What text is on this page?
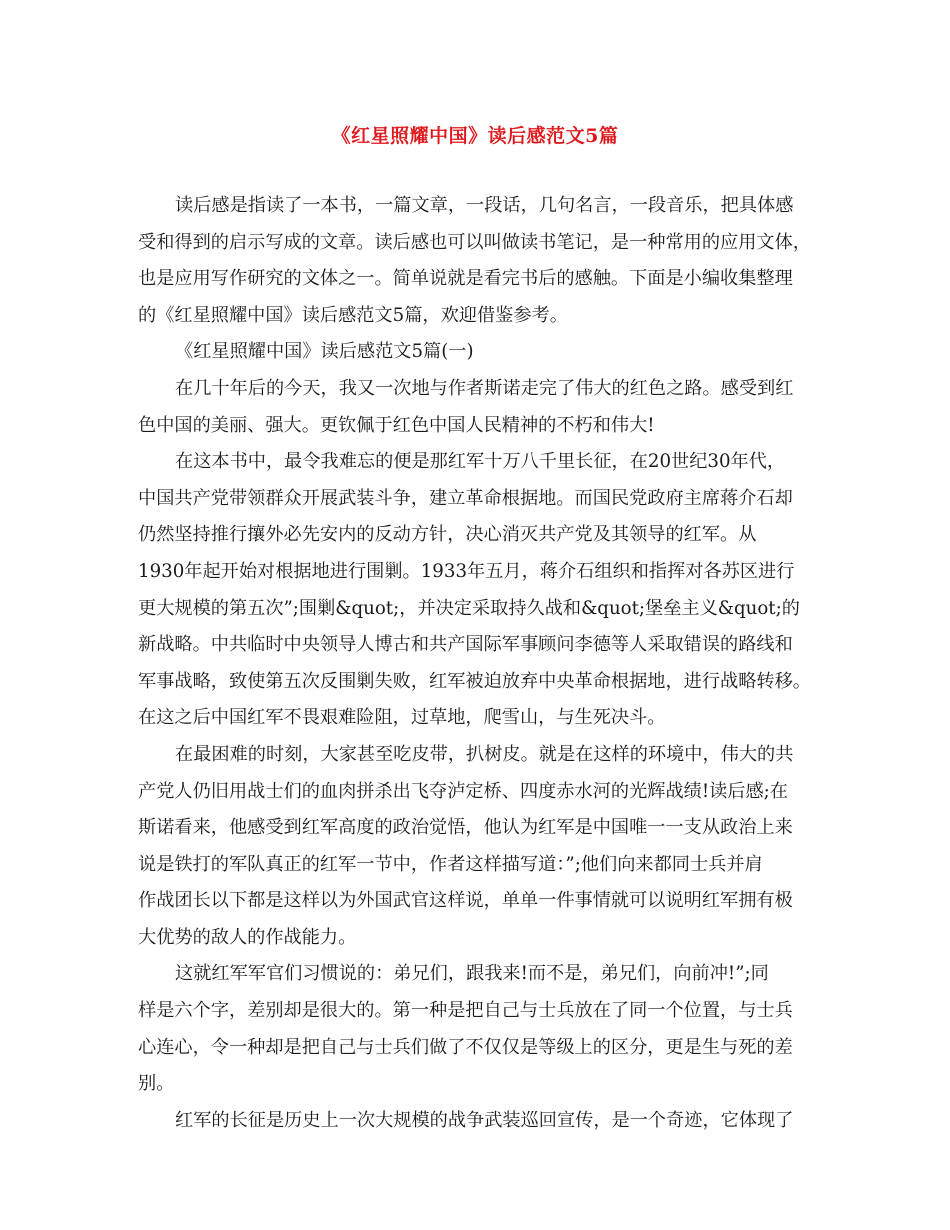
《红星照耀中国》读后感范文5篇
读后感是指读了一本书，一篇文章，一段话，几句名言，一段音乐，把具体感
受和得到的启示写成的文章。读后感也可以叫做读书笔记，是一种常用的应用文体，
也是应用写作研究的文体之一。简单说就是看完书后的感触。下面是小编收集整理
的《红星照耀中国》读后感范文5篇，欢迎借鉴参考。
《红星照耀中国》读后感范文5篇(一)
在几十年后的今天，我又一次地与作者斯诺走完了伟大的红色之路。感受到红
色中国的美丽、强大。更钦佩于红色中国人民精神的不朽和伟大!
在这本书中，最令我难忘的便是那红军十万八千里长征，在20世纪30年代，
中国共产党带领群众开展武装斗争，建立革命根据地。而国民党政府主席蒋介石却
仍然坚持推行攘外必先安内的反动方针，决心消灭共产党及其领导的红军。从
1930年起开始对根据地进行围剿。1933年五月，蒋介石组织和指挥对各苏区进行
更大规模的第五次”;围剿&quot;，并决定采取持久战和&quot;堡垒主义&quot;的
新战略。中共临时中央领导人博古和共产国际军事顾问李德等人采取错误的路线和
军事战略，致使第五次反围剿失败，红军被迫放弃中央革命根据地，进行战略转移。
在这之后中国红军不畏艰难险阻，过草地，爬雪山，与生死决斗。
在最困难的时刻，大家甚至吃皮带，扒树皮。就是在这样的环境中，伟大的共
产党人仍旧用战士们的血肉拼杀出飞夺泸定桥、四度赤水河的光辉战绩!读后感;在
斯诺看来，他感受到红军高度的政治觉悟，他认为红军是中国唯一一支从政治上来
说是铁打的军队真正的红军一节中，作者这样描写道：”;他们向来都同士兵并肩
作战团长以下都是这样以为外国武官这样说，单单一件事情就可以说明红军拥有极
大优势的敌人的作战能力。
这就红军军官们习惯说的：弟兄们，跟我来!而不是，弟兄们，向前冲!”;同
样是六个字，差别却是很大的。第一种是把自己与士兵放在了同一个位置，与士兵
心连心，令一种却是把自己与士兵们做了不仅仅是等级上的区分，更是生与死的差
别。
红军的长征是历史上一次大规模的战争武装巡回宣传，是一个奇迹，它体现了
